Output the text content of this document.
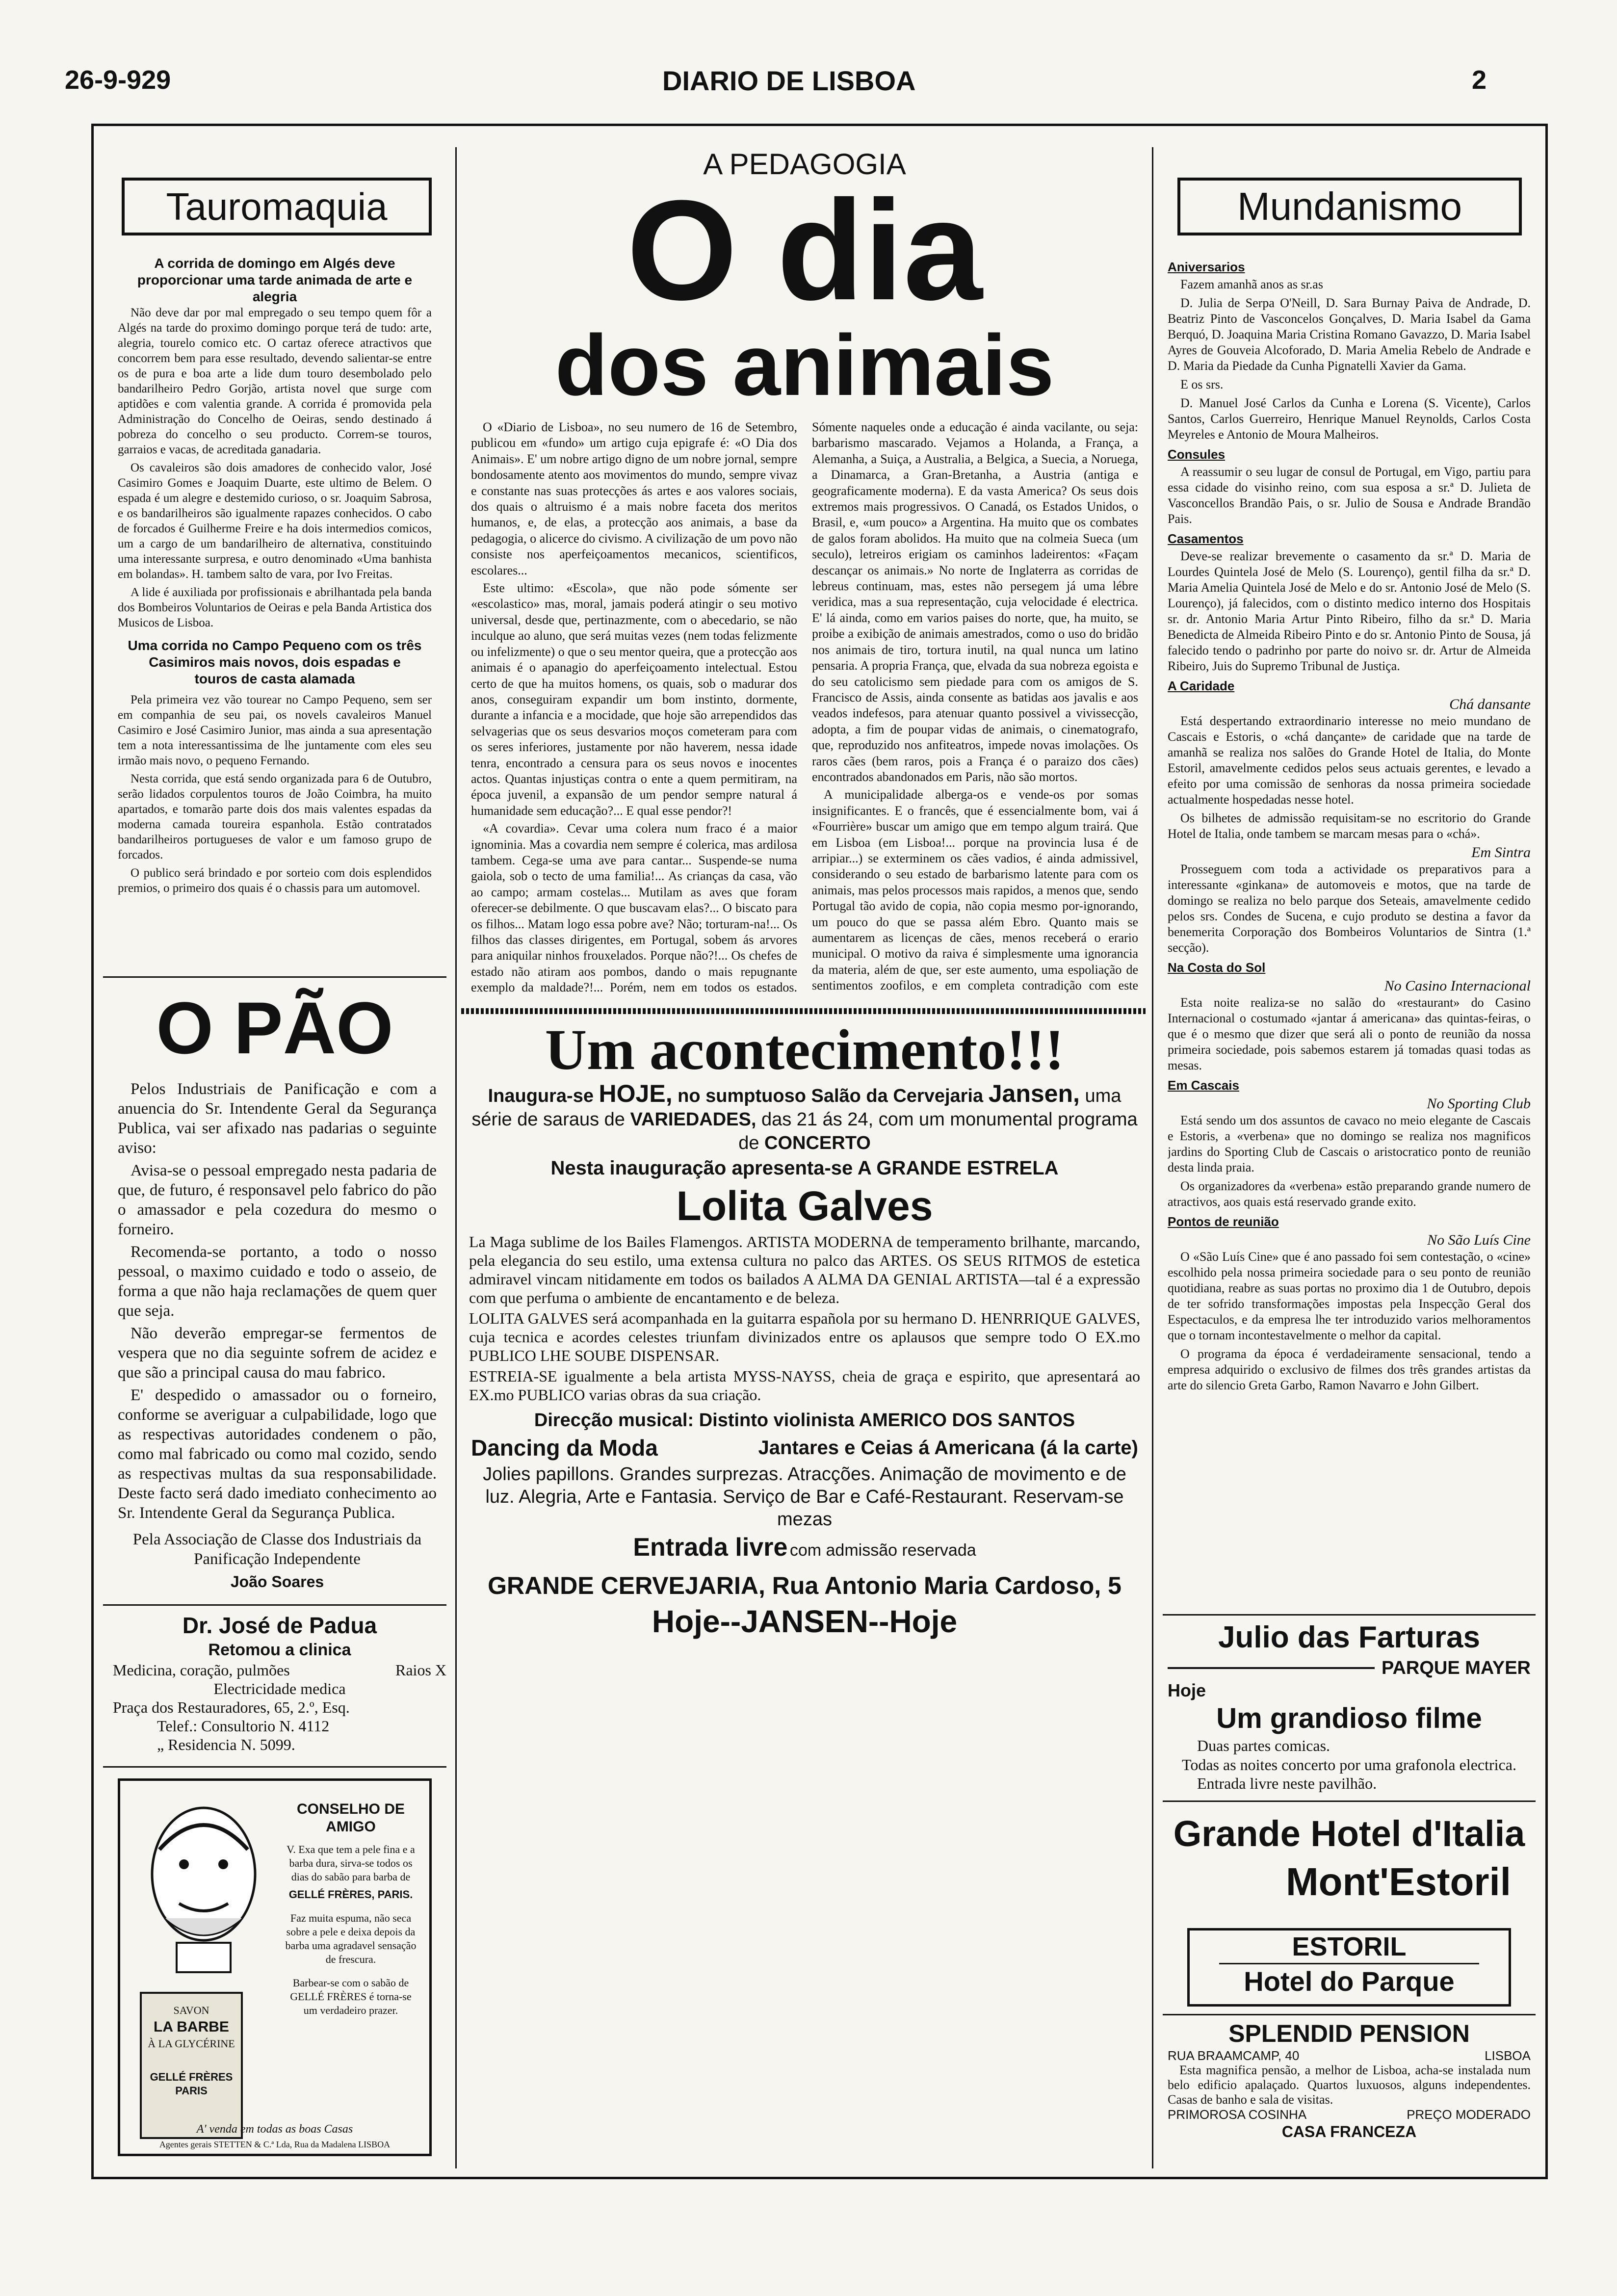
26-9-929	DIARIO DE LISBOA	2
Tauromaquia
A corrida de domingo em Algés deve proporcionar uma tarde animada de arte e alegria

Não deve dar por mal empregado o seu tempo quem fôr a Algés na tarde do proximo domingo porque terá de tudo: arte, alegria, tourelo comico etc. O cartaz oferece atractivos que concorrem bem para esse resultado, devendo salientar-se entre os de pura e boa arte a lide dum touro desembolado pelo bandarilheiro Pedro Gorjão, artista novel que surge com aptidões e com valentia grande. A corrida é promovida pela Administração do Concelho de Oeiras, sendo destinado á pobreza do concelho o seu producto. Correm-se touros, garraios e vacas, de acreditada ganadaria.

Os cavaleiros são dois amadores de conhecido valor, José Casimiro Gomes e Joaquim Duarte, este ultimo de Belem. O espada é um alegre e destemido curioso, o sr. Joaquim Sabrosa, e os bandarilheiros são igualmente rapazes conhecidos. O cabo de forcados é Guilherme Freire e ha dois intermedios comicos, um a cargo de um bandarilheiro de alternativa, constituindo uma interessante surpresa, e outro denominado «Uma banhista em bolandas». H. tambem salto de vara, por Ivo Freitas.

A lide é auxiliada por profissionais e abrilhantada pela banda dos Bombeiros Voluntarios de Oeiras e pela Banda Artistica dos Musicos de Lisboa.

Uma corrida no Campo Pequeno com os três Casimiros mais novos, dois espadas e touros de casta alamada

Pela primeira vez vão tourear no Campo Pequeno, sem ser em companhia de seu pai, os novels cavaleiros Manuel Casimiro e José Casimiro Junior, mas ainda a sua apresentação tem a nota interessantissima de lhe juntamente com eles seu irmão mais novo, o pequeno Fernando.

Nesta corrida, que está sendo organizada para 6 de Outubro, serão lidados corpulentos touros de João Coimbra, ha muito apartados, e tomarão parte dois dos mais valentes espadas da moderna camada toureira espanhola. Estão contratados bandarilheiros portugueses de valor e um famoso grupo de forcados.

O publico será brindado e por sorteio com dois esplendidos premios, o primeiro dos quais é o chassis para um automovel.

O PÃO

Pelos Industriais de Panificação e com a anuencia do Sr. Intendente Geral da Segurança Publica, vai ser afixado nas padarias o seguinte aviso:

Avisa-se o pessoal empregado nesta padaria de que, de futuro, é responsavel pelo fabrico do pão o amassador e pela cozedura do mesmo o forneiro.

Recomenda-se portanto, a todo o nosso pessoal, o maximo cuidado e todo o asseio, de forma a que não haja reclamações de quem quer que seja.

Não deverão empregar-se fermentos de vespera que no dia seguinte sofrem de acidez e que são a principal causa do mau fabrico.

E' despedido o amassador ou o forneiro, conforme se averiguar a culpabilidade, logo que as respectivas autoridades condenem o pão, como mal fabricado ou como mal cozido, sendo as respectivas multas da sua responsabilidade. Deste facto será dado imediato conhecimento ao Sr. Intendente Geral da Segurança Publica.

Pela Associação de Classe dos Industriais da Panificação Independente

João Soares
Dr. José de Padua
Retomou a clinica
Medicina, coração, pulmões	Raios X
Electricidade medica
Praça dos Restauradores, 65, 2.º, Esq.
Telef.: Consultorio N. 4112
„ Residencia N. 5099.
SAVON
LA BARBE
À LA GLYCÉRINE
GELLÉ FRÈRES PARIS
CONSELHO DE AMIGO
V. Exa que tem a pele fina e a barba dura, sirva-se todos os dias do sabão para barba de
GELLÉ FRÈRES, PARIS.
Faz muita espuma, não seca sobre a pele e deixa depois da barba uma agradavel sensação de frescura.
Barbear-se com o sabão de GELLÉ FRÈRES é torna-se um verdadeiro prazer.
A' venda em todas as boas Casas
Agentes gerais STETTEN & C.ª Lda, Rua da Madalena LISBOA
A PEDAGOGIA
O dia
dos animais

O «Diario de Lisboa», no seu numero de 16 de Setembro, publicou em «fundo» um artigo cuja epigrafe é: «O Dia dos Animais». E' um nobre artigo digno de um nobre jornal, sempre bondosamente atento aos movimentos do mundo, sempre vivaz e constante nas suas protecções ás artes e aos valores sociais, dos quais o altruismo é a mais nobre faceta dos meritos humanos, e, de elas, a protecção aos animais, a base da pedagogia, o alicerce do civismo. A civilização de um povo não consiste nos aperfeiçoamentos mecanicos, scientificos, escolares...

Este ultimo: «Escola», que não pode sómente ser «escolastico» mas, moral, jamais poderá atingir o seu motivo universal, desde que, pertinazmente, com o abecedario, se não inculque ao aluno, que será muitas vezes (nem todas felizmente ou infelizmente) o que o seu mentor queira, que a protecção aos animais é o apanagio do aperfeiçoamento intelectual. Estou certo de que ha muitos homens, os quais, sob o madurar dos anos, conseguiram expandir um bom instinto, dormente, durante a infancia e a mocidade, que hoje são arrependidos das selvagerias que os seus desvarios moços cometeram para com os seres inferiores, justamente por não haverem, nessa idade tenra, encontrado a censura para os seus novos e inocentes actos. Quantas injustiças contra o ente a quem permitiram, na época juvenil, a expansão de um pendor sempre natural á humanidade sem educação?... E qual esse pendor?!

«A covardia». Cevar uma colera num fraco é a maior ignominia. Mas a covardia nem sempre é colerica, mas ardilosa tambem. Cega-se uma ave para cantar... Suspende-se numa gaiola, sob o tecto de uma familia!... As crianças da casa, vão ao campo; armam costelas... Mutilam as aves que foram oferecer-se debilmente. O que buscavam elas?... O biscato para os filhos... Matam logo essa pobre ave? Não; torturam-na!... Os filhos das classes dirigentes, em Portugal, sobem ás arvores para aniquilar ninhos frouxelados. Porque não?!... Os chefes de estado não atiram aos pombos, dando o mais repugnante exemplo da maldade?!... Porém, nem em todos os estados. Sómente naqueles onde a educação é ainda vacilante, ou seja: barbarismo mascarado. Vejamos a Holanda, a França, a Alemanha, a Suiça, a Australia, a Belgica, a Suecia, a Noruega, a Dinamarca, a Gran-Bretanha, a Austria (antiga e geograficamente moderna). E da vasta America? Os seus dois extremos mais progressivos. O Canadá, os Estados Unidos, o Brasil, e, «um pouco» a Argentina. Ha muito que os combates de galos foram abolidos. Ha muito que na colmeia Sueca (um seculo), letreiros erigiam os caminhos ladeirentos: «Façam descançar os animais.» No norte de Inglaterra as corridas de lebreus continuam, mas, estes não persegem já uma lébre veridica, mas a sua representação, cuja velocidade é electrica. E' lá ainda, como em varios paises do norte, que, ha muito, se proibe a exibição de animais amestrados, como o uso do bridão nos animais de tiro, tortura inutil, na qual nunca um latino pensaria. A propria França, que, elvada da sua nobreza egoista e do seu catolicismo sem piedade para com os amigos de S. Francisco de Assis, ainda consente as batidas aos javalis e aos veados indefesos, para atenuar quanto possivel a vivissecção, adopta, a fim de poupar vidas de animais, o cinematografo, que, reproduzido nos anfiteatros, impede novas imolações. Os raros cães (bem raros, pois a França é o paraizo dos cães) encontrados abandonados em Paris, não são mortos.

A municipalidade alberga-os e vende-os por somas insignificantes. E o francês, que é essencialmente bom, vai á «Fourrière» buscar um amigo que em tempo algum trairá. Que em Lisboa (em Lisboa!... porque na provincia lusa é de arripiar...) se exterminem os cães vadios, é ainda admissivel, considerando o seu estado de barbarismo latente para com os animais, mas pelos processos mais rapidos, a menos que, sendo Portugal tão avido de copia, não copia mesmo por-ignorando, um pouco do que se passa além Ebro. Quanto mais se aumentarem as licenças de cães, menos receberá o erario municipal. O motivo da raiva é simplesmente uma ignorancia da materia, além de que, ser este aumento, uma espoliação de sentimentos zoofilos, e em completa contradição com este

Um acontecimento!!!
Inaugura-se HOJE, no sumptuoso Salão da Cervejaria Jansen, uma série de saraus de VARIEDADES, das 21 ás 24, com um monumental programa de CONCERTO
Nesta inauguração apresenta-se A GRANDE ESTRELA
Lolita Galves
La Maga sublime de los Bailes Flamengos. ARTISTA MODERNA de temperamento brilhante, marcando, pela elegancia do seu estilo, uma extensa cultura no palco das ARTES. OS SEUS RITMOS de estetica admiravel vincam nitidamente em todos os bailados A ALMA DA GENIAL ARTISTA—tal é a expressão com que perfuma o ambiente de encantamento e de beleza.
LOLITA GALVES será acompanhada en la guitarra española por su hermano D. HENRRIQUE GALVES, cuja tecnica e acordes celestes triunfam divinizados entre os aplausos que sempre todo O EX.mo PUBLICO LHE SOUBE DISPENSAR.
ESTREIA-SE igualmente a bela artista MYSS-NAYSS, cheia de graça e espirito, que apresentará ao EX.mo PUBLICO varias obras da sua criação.
Direcção musical: Distinto violinista AMERICO DOS SANTOS
Dancing da Moda	Jantares e Ceias á Americana (á la carte)
Jolies papillons. Grandes surprezas. Atracções. Animação de movimento e de luz. Alegria, Arte e Fantasia. Serviço de Bar e Café-Restaurant. Reservam-se mezas
Entrada livre com admissão reservada
GRANDE CERVEJARIA, Rua Antonio Maria Cardoso, 5
Hoje--JANSEN--Hoje
Mundanismo
Aniversarios

Fazem amanhã anos as sr.as

D. Julia de Serpa O'Neill, D. Sara Burnay Paiva de Andrade, D. Beatriz Pinto de Vasconcelos Gonçalves, D. Maria Isabel da Gama Berquó, D. Joaquina Maria Cristina Romano Gavazzo, D. Maria Isabel Ayres de Gouveia Alcoforado, D. Maria Amelia Rebelo de Andrade e D. Maria da Piedade da Cunha Pignatelli Xavier da Gama.

E os srs.

D. Manuel José Carlos da Cunha e Lorena (S. Vicente), Carlos Santos, Carlos Guerreiro, Henrique Manuel Reynolds, Carlos Costa Meyreles e Antonio de Moura Malheiros.

Consules

A reassumir o seu lugar de consul de Portugal, em Vigo, partiu para essa cidade do visinho reino, com sua esposa a sr.ª D. Julieta de Vasconcellos Brandão Pais, o sr. Julio de Sousa e Andrade Brandão Pais.

Casamentos

Deve-se realizar brevemente o casamento da sr.ª D. Maria de Lourdes Quintela José de Melo (S. Lourenço), gentil filha da sr.ª D. Maria Amelia Quintela José de Melo e do sr. Antonio José de Melo (S. Lourenço), já falecidos, com o distinto medico interno dos Hospitais sr. dr. Antonio Maria Artur Pinto Ribeiro, filho da sr.ª D. Maria Benedicta de Almeida Ribeiro Pinto e do sr. Antonio Pinto de Sousa, já falecido tendo o padrinho por parte do noivo sr. dr. Artur de Almeida Ribeiro, Juis do Supremo Tribunal de Justiça.

A Caridade
Chá dansante

Está despertando extraordinario interesse no meio mundano de Cascais e Estoris, o «chá dançante» de caridade que na tarde de amanhã se realiza nos salões do Grande Hotel de Italia, do Monte Estoril, amavelmente cedidos pelos seus actuais gerentes, e levado a efeito por uma comissão de senhoras da nossa primeira sociedade actualmente hospedadas nesse hotel.

Os bilhetes de admissão requisitam-se no escritorio do Grande Hotel de Italia, onde tambem se marcam mesas para o «chá».

Em Sintra

Prosseguem com toda a actividade os preparativos para a interessante «ginkana» de automoveis e motos, que na tarde de domingo se realiza no belo parque dos Seteais, amavelmente cedido pelos srs. Condes de Sucena, e cujo produto se destina a favor da benemerita Corporação dos Bombeiros Voluntarios de Sintra (1.ª secção).

Na Costa do Sol
No Casino Internacional

Esta noite realiza-se no salão do «restaurant» do Casino Internacional o costumado «jantar á americana» das quintas-feiras, o que é o mesmo que dizer que será ali o ponto de reunião da nossa primeira sociedade, pois sabemos estarem já tomadas quasi todas as mesas.

Em Cascais
No Sporting Club

Está sendo um dos assuntos de cavaco no meio elegante de Cascais e Estoris, a «verbena» que no domingo se realiza nos magnificos jardins do Sporting Club de Cascais o aristocratico ponto de reunião desta linda praia.

Os organizadores da «verbena» estão preparando grande numero de atractivos, aos quais está reservado grande exito.

Pontos de reunião
No São Luís Cine

O «São Luís Cine» que é ano passado foi sem contestação, o «cine» escolhido pela nossa primeira sociedade para o seu ponto de reunião quotidiana, reabre as suas portas no proximo dia 1 de Outubro, depois de ter sofrido transformações impostas pela Inspecção Geral dos Espectaculos, e da empresa lhe ter introduzido varios melhoramentos que o tornam incontestavelmente o melhor da capital.

O programa da época é verdadeiramente sensacional, tendo a empresa adquirido o exclusivo de filmes dos três grandes artistas da arte do silencio Greta Garbo, Ramon Navarro e John Gilbert.

Julio das Farturas
PARQUE MAYER
Hoje
Um grandioso filme
Duas partes comicas.
Todas as noites concerto por uma grafonola electrica.
Entrada livre neste pavilhão.
Grande Hotel d'Italia
Mont'Estoril
ESTORIL
Hotel do Parque
SPLENDID PENSION
RUA BRAAMCAMP, 40	LISBOA
Esta magnifica pensão, a melhor de Lisboa, acha-se instalada num belo edificio apalaçado. Quartos luxuosos, alguns independentes. Casas de banho e sala de visitas.
PRIMOROSA COSINHA	PREÇO MODERADO
CASA FRANCEZA
